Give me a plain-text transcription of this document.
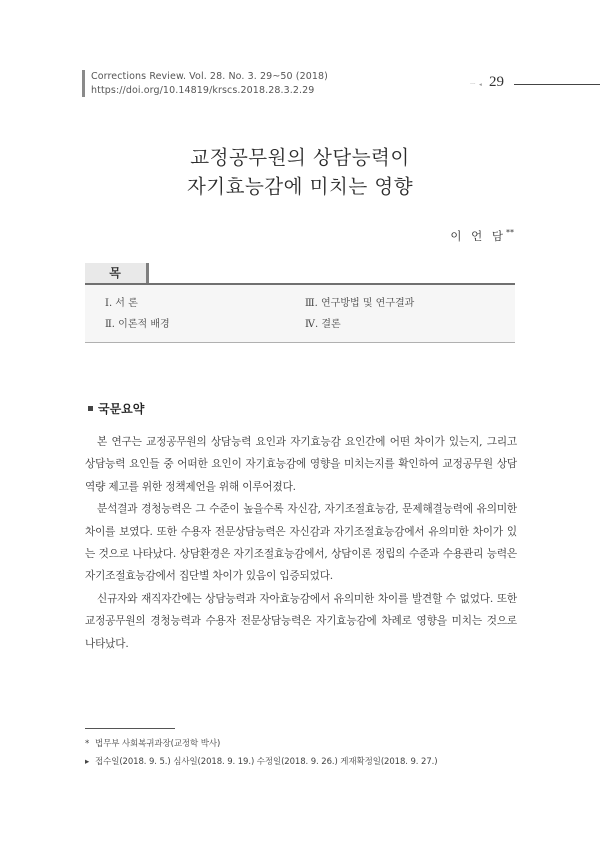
Corrections Review. Vol. 28. No. 3. 29~50 (2018)
https://doi.org/10.14819/krscs.2018.28.3.2.29	ㅡ ◂ 29
교정공무원의 상담능력이
자기효능감에 미치는 영향
이 언 담**
목
Ⅰ. 서 론
Ⅱ. 이론적 배경
Ⅲ. 연구방법 및 연구결과
Ⅳ. 결론
국문요약

본 연구는 교정공무원의 상담능력 요인과 자기효능감 요인간에 어떤 차이가 있는지, 그리고 상담능력 요인들 중 어떠한 요인이 자기효능감에 영향을 미치는지를 확인하여 교정공무원 상담역량 제고를 위한 정책제언을 위해 이루어졌다.

분석결과 경청능력은 그 수준이 높을수록 자신감, 자기조절효능감, 문제해결능력에 유의미한 차이를 보였다. 또한 수용자 전문상담능력은 자신감과 자기조절효능감에서 유의미한 차이가 있는 것으로 나타났다. 상담환경은 자기조절효능감에서, 상담이론 정립의 수준과 수용관리 능력은 자기조절효능감에서 집단별 차이가 있음이 입증되었다.

신규자와 재직자간에는 상담능력과 자아효능감에서 유의미한 차이를 발견할 수 없었다. 또한 교정공무원의 경청능력과 수용자 전문상담능력은 자기효능감에 차례로 영향을 미치는 것으로 나타났다.

* 법무부 사회복귀과장(교정학 박사)
▸ 접수일(2018. 9. 5.) 심사일(2018. 9. 19.) 수정일(2018. 9. 26.) 게재확정일(2018. 9. 27.)
